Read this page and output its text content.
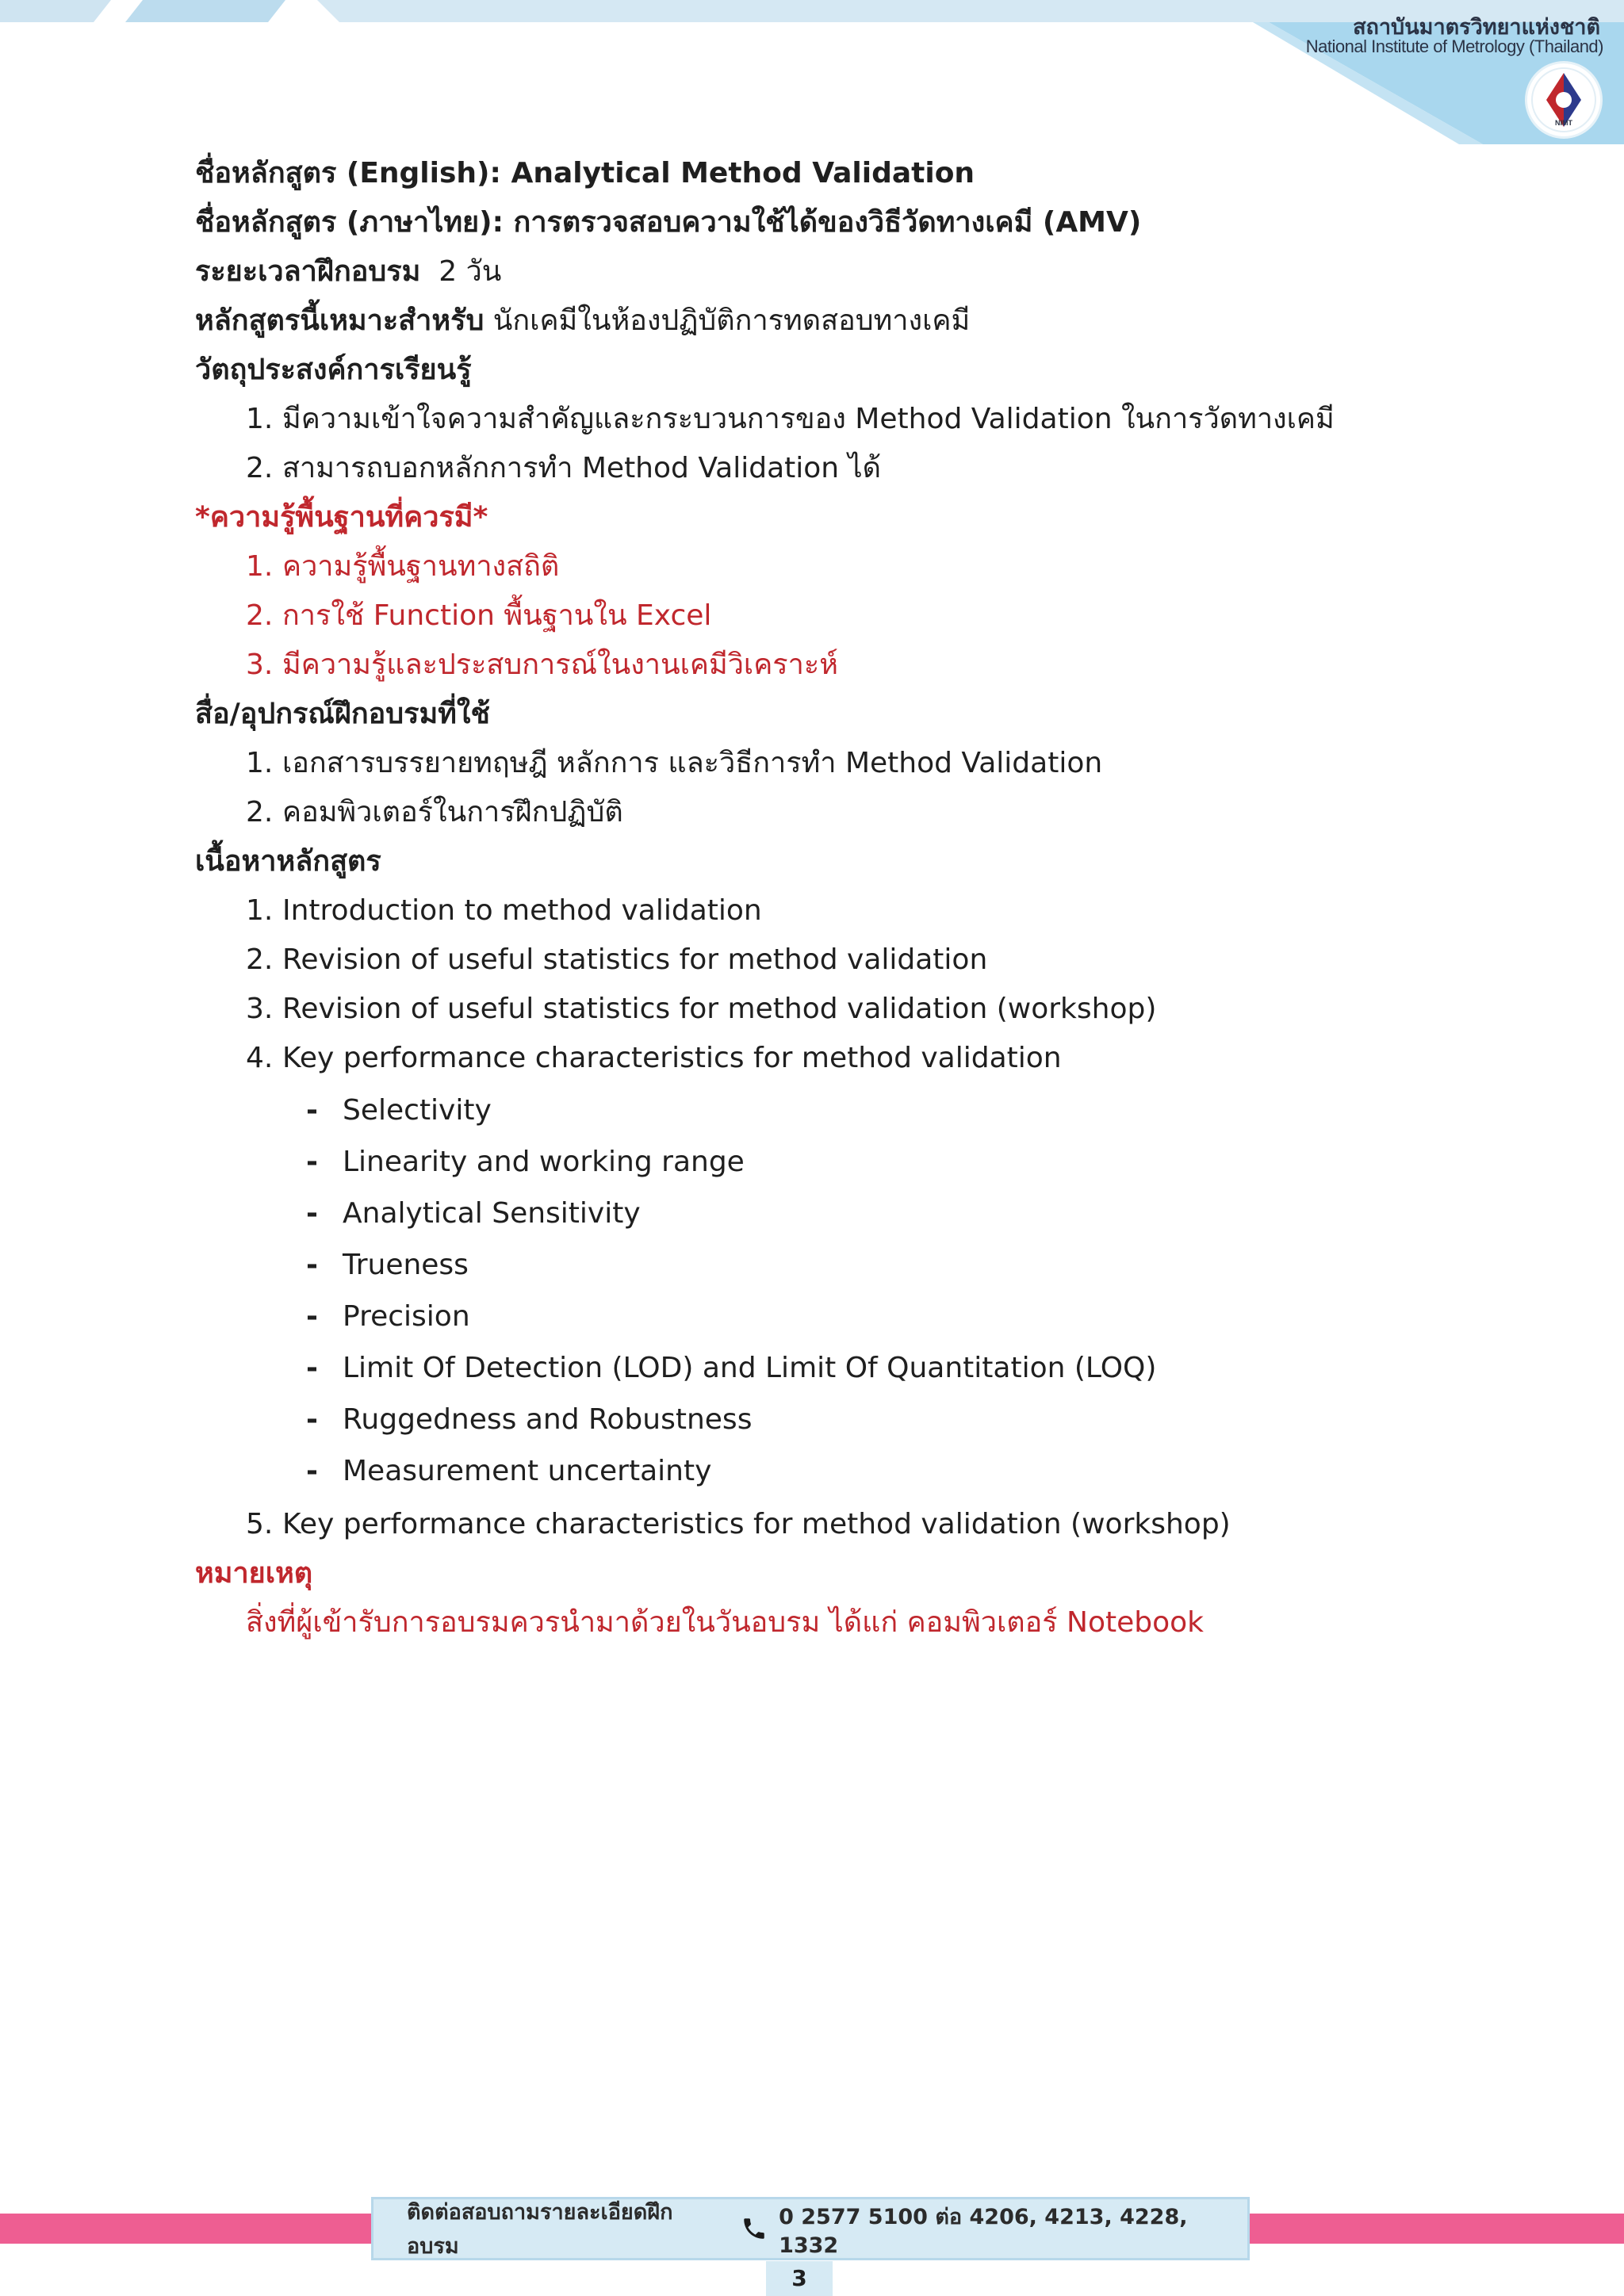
สถาบันมาตรวิทยาแห่งชาติ
National Institute of Metrology (Thailand)
NIMT
ชื่อหลักสูตร (English): Analytical Method Validation
ชื่อหลักสูตร (ภาษาไทย): การตรวจสอบความใช้ได้ของวิธีวัดทางเคมี (AMV)
ระยะเวลาฝึกอบรม 2 วัน
หลักสูตรนี้เหมาะสำหรับ นักเคมีในห้องปฏิบัติการทดสอบทางเคมี
วัตถุประสงค์การเรียนรู้
1. มีความเข้าใจความสำคัญและกระบวนการของ Method Validation ในการวัดทางเคมี
2. สามารถบอกหลักการทำ Method Validation ได้
*ความรู้พื้นฐานที่ควรมี*
1. ความรู้พื้นฐานทางสถิติ
2. การใช้ Function พื้นฐานใน Excel
3. มีความรู้และประสบการณ์ในงานเคมีวิเคราะห์
สื่อ/อุปกรณ์ฝึกอบรมที่ใช้
1. เอกสารบรรยายทฤษฎี หลักการ และวิธีการทำ Method Validation
2. คอมพิวเตอร์ในการฝึกปฏิบัติ
เนื้อหาหลักสูตร
1. Introduction to method validation
2. Revision of useful statistics for method validation
3. Revision of useful statistics for method validation (workshop)
4. Key performance characteristics for method validation
- Selectivity
- Linearity and working range
- Analytical Sensitivity
- Trueness
- Precision
- Limit Of Detection (LOD) and Limit Of Quantitation (LOQ)
- Ruggedness and Robustness
- Measurement uncertainty
5. Key performance characteristics for method validation (workshop)
หมายเหตุ
สิ่งที่ผู้เข้ารับการอบรมควรนำมาด้วยในวันอบรม ได้แก่ คอมพิวเตอร์ Notebook
ติดต่อสอบถามรายละเอียดฝึกอบรม
0 2577 5100 ต่อ 4206, 4213, 4228, 1332
3
